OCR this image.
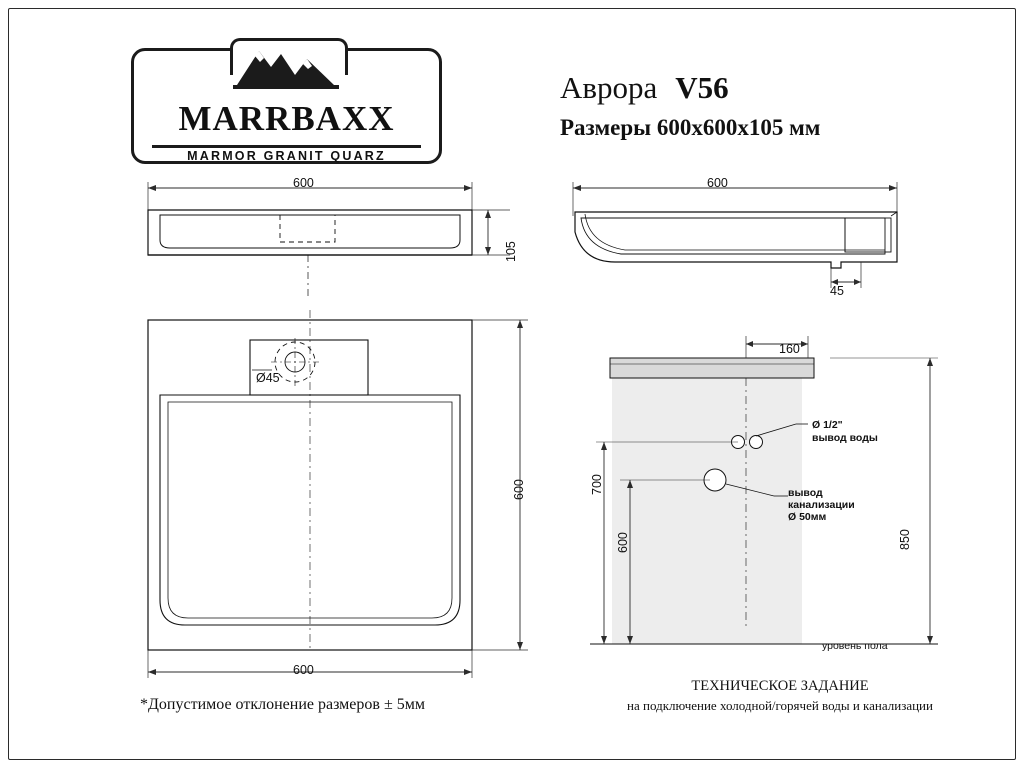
MARRBAXX
MARMOR GRANIT QUARZ
Аврора V56
Размеры 600x600x105 мм
600
105
600
45
Ø45
600
600
160
Ø 1/2"
вывод воды
вывод
канализации
Ø 50мм
700
600	850
уровень пола
*Допустимое отклонение размеров ± 5мм
ТЕХНИЧЕСКОЕ ЗАДАНИЕ
на подключение холодной/горячей воды и канализации
